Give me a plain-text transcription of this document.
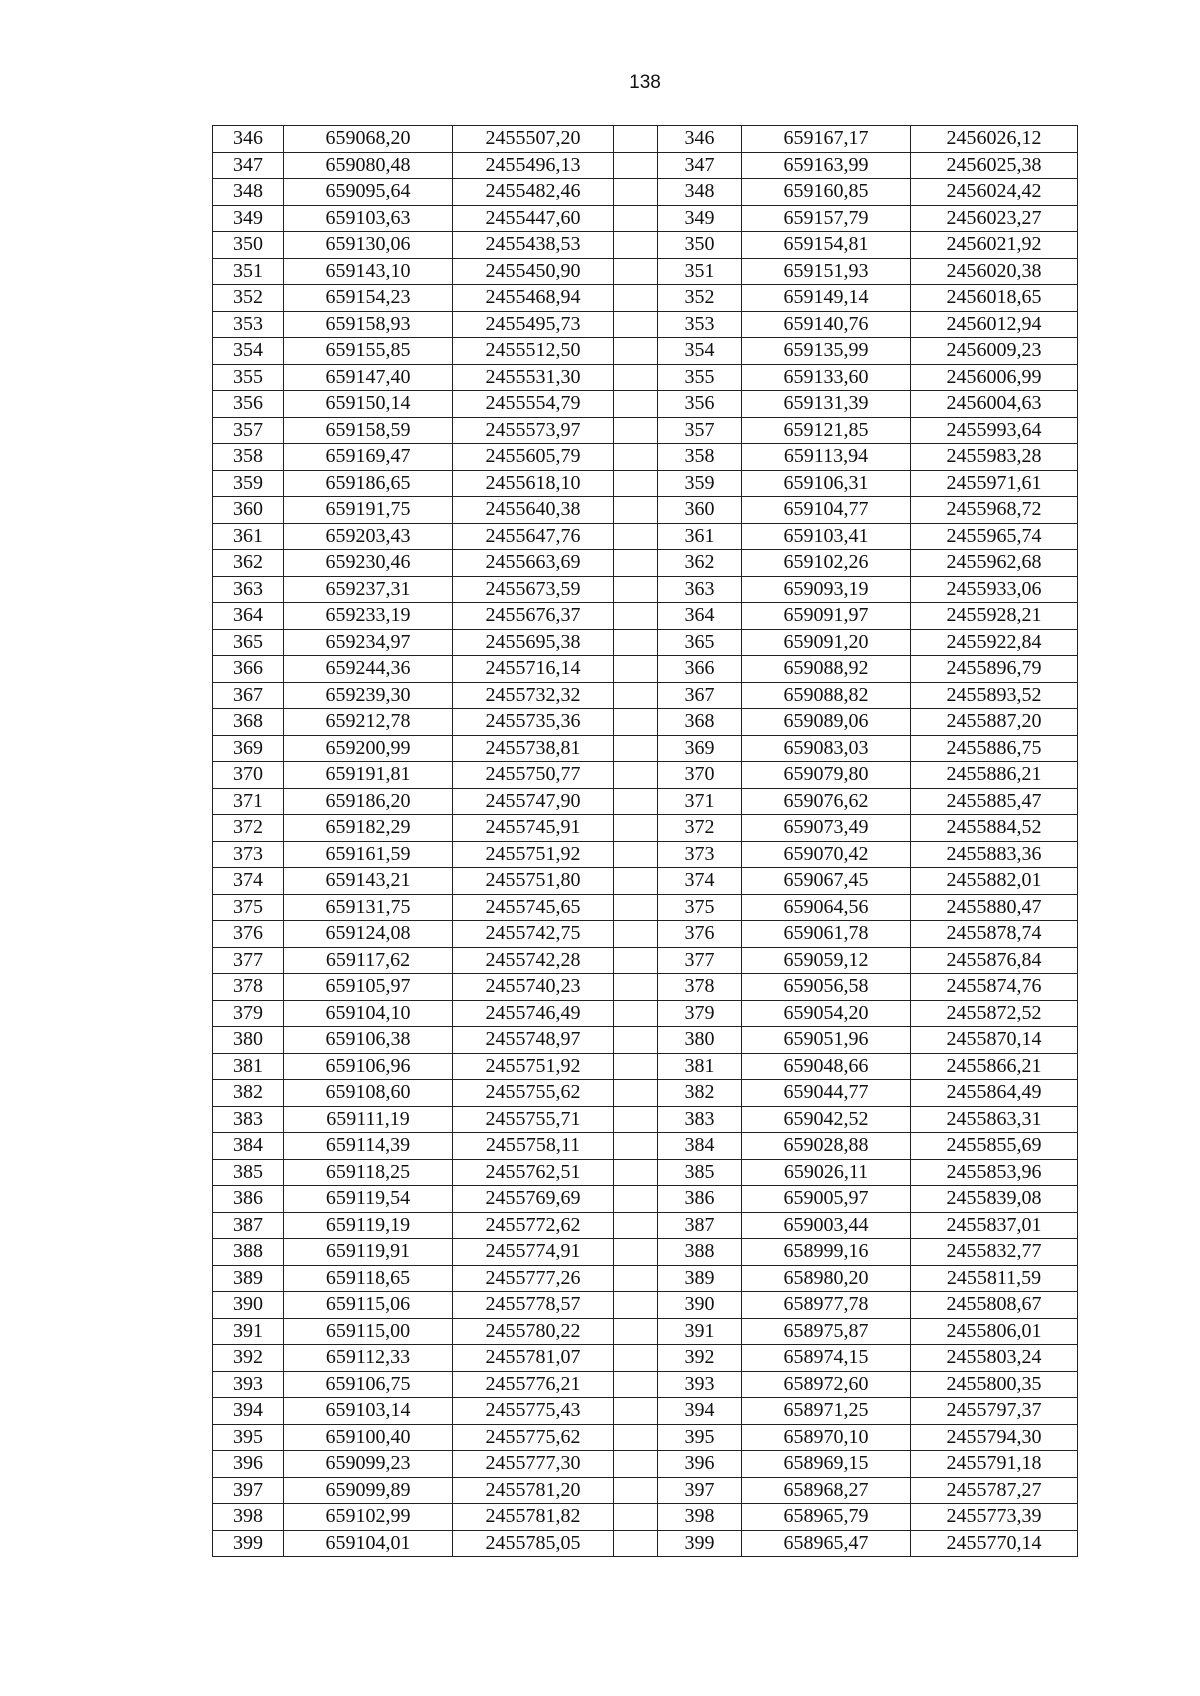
138
346	659068,20	2455507,20		346	659167,17	2456026,12
347	659080,48	2455496,13		347	659163,99	2456025,38
348	659095,64	2455482,46		348	659160,85	2456024,42
349	659103,63	2455447,60		349	659157,79	2456023,27
350	659130,06	2455438,53		350	659154,81	2456021,92
351	659143,10	2455450,90		351	659151,93	2456020,38
352	659154,23	2455468,94		352	659149,14	2456018,65
353	659158,93	2455495,73		353	659140,76	2456012,94
354	659155,85	2455512,50		354	659135,99	2456009,23
355	659147,40	2455531,30		355	659133,60	2456006,99
356	659150,14	2455554,79		356	659131,39	2456004,63
357	659158,59	2455573,97		357	659121,85	2455993,64
358	659169,47	2455605,79		358	659113,94	2455983,28
359	659186,65	2455618,10		359	659106,31	2455971,61
360	659191,75	2455640,38		360	659104,77	2455968,72
361	659203,43	2455647,76		361	659103,41	2455965,74
362	659230,46	2455663,69		362	659102,26	2455962,68
363	659237,31	2455673,59		363	659093,19	2455933,06
364	659233,19	2455676,37		364	659091,97	2455928,21
365	659234,97	2455695,38		365	659091,20	2455922,84
366	659244,36	2455716,14		366	659088,92	2455896,79
367	659239,30	2455732,32		367	659088,82	2455893,52
368	659212,78	2455735,36		368	659089,06	2455887,20
369	659200,99	2455738,81		369	659083,03	2455886,75
370	659191,81	2455750,77		370	659079,80	2455886,21
371	659186,20	2455747,90		371	659076,62	2455885,47
372	659182,29	2455745,91		372	659073,49	2455884,52
373	659161,59	2455751,92		373	659070,42	2455883,36
374	659143,21	2455751,80		374	659067,45	2455882,01
375	659131,75	2455745,65		375	659064,56	2455880,47
376	659124,08	2455742,75		376	659061,78	2455878,74
377	659117,62	2455742,28		377	659059,12	2455876,84
378	659105,97	2455740,23		378	659056,58	2455874,76
379	659104,10	2455746,49		379	659054,20	2455872,52
380	659106,38	2455748,97		380	659051,96	2455870,14
381	659106,96	2455751,92		381	659048,66	2455866,21
382	659108,60	2455755,62		382	659044,77	2455864,49
383	659111,19	2455755,71		383	659042,52	2455863,31
384	659114,39	2455758,11		384	659028,88	2455855,69
385	659118,25	2455762,51		385	659026,11	2455853,96
386	659119,54	2455769,69		386	659005,97	2455839,08
387	659119,19	2455772,62		387	659003,44	2455837,01
388	659119,91	2455774,91		388	658999,16	2455832,77
389	659118,65	2455777,26		389	658980,20	2455811,59
390	659115,06	2455778,57		390	658977,78	2455808,67
391	659115,00	2455780,22		391	658975,87	2455806,01
392	659112,33	2455781,07		392	658974,15	2455803,24
393	659106,75	2455776,21		393	658972,60	2455800,35
394	659103,14	2455775,43		394	658971,25	2455797,37
395	659100,40	2455775,62		395	658970,10	2455794,30
396	659099,23	2455777,30		396	658969,15	2455791,18
397	659099,89	2455781,20		397	658968,27	2455787,27
398	659102,99	2455781,82		398	658965,79	2455773,39
399	659104,01	2455785,05		399	658965,47	2455770,14
